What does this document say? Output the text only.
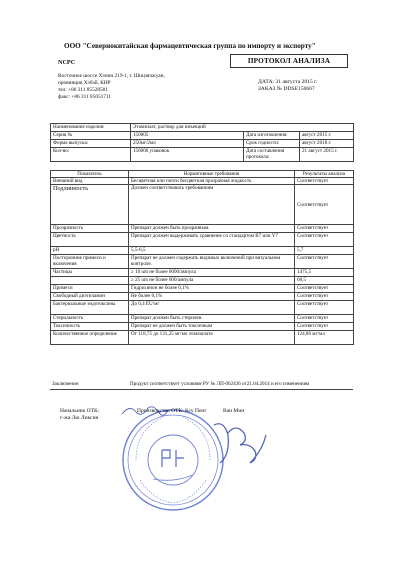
ООО "Севернокитайская фармацевтическая группа по импорту и экспорту"
NCPC
Восточное шоссе Хэпин 219-1, г. Шицзячжуан,
провинция Хэбэй, КНР
тел: +86 311 85528581
факс: +86 311 85051711
ПРОТОКОЛ АНАЛИЗА
ДАТА: 31 августа 2015 г.
ЗАКАЗ № DDSE150667
Наименование изделия:	Этамзилат, раствор для инъекций		
Серия №	150805	Дата изготовления:	август 2015 г.
Форма выпуска:	250мг/2мл	Срок годности:	август 2018 г.
Кол-во:	156000 упаковок	Дата составления протокола:	21 август 2015 г.
Показатель	Нормативные требования	Результаты анализа
Внешний вид	Бесцветная или почти бесцветная прозрачная жидкость	Соответствует
Подлинность	Должен соответствовать требованиям	Соответствует
Прозрачность	Препарат должен быть прозрачным.	Соответствует
Цветность	Препарат должен выдерживать сравнение со стандартом B7 или Y7	Соответствует
pH	5,5-6,5	5,7
Посторонние примеси и включения	Препарат не должен содержать видимых включений при визуальном контроле.	Соответствует
Частицы	≥ 10 um не более 6000/ампула	1475,5
	≥ 25 um не более 600/ампула	68,5
Примеси	Гидрохинон не более 0,1%	Соответствует
Свободный диэтиламин	Не более 0,1%	Соответствует
Бактериальные эндотоксины	До 0,4 EU/мг	Соответствует
Стерильность	Препарат должен быть стерилен.	Соответствует
Токсичность	Препарат не должен быть токсичным	Соответствует
Количественное определение	От 118,75 до 131,25 мг/мл этамзилата	124,86 мг/мл
Заключение:	Продукт соответствует условиям РУ № ЛП-002436 от21.04.2014 и его изменениям
Начальник ОТК:
г-жа Лю Ликсин
Производство ОТК: Ксу Пенг	Ван Мин
